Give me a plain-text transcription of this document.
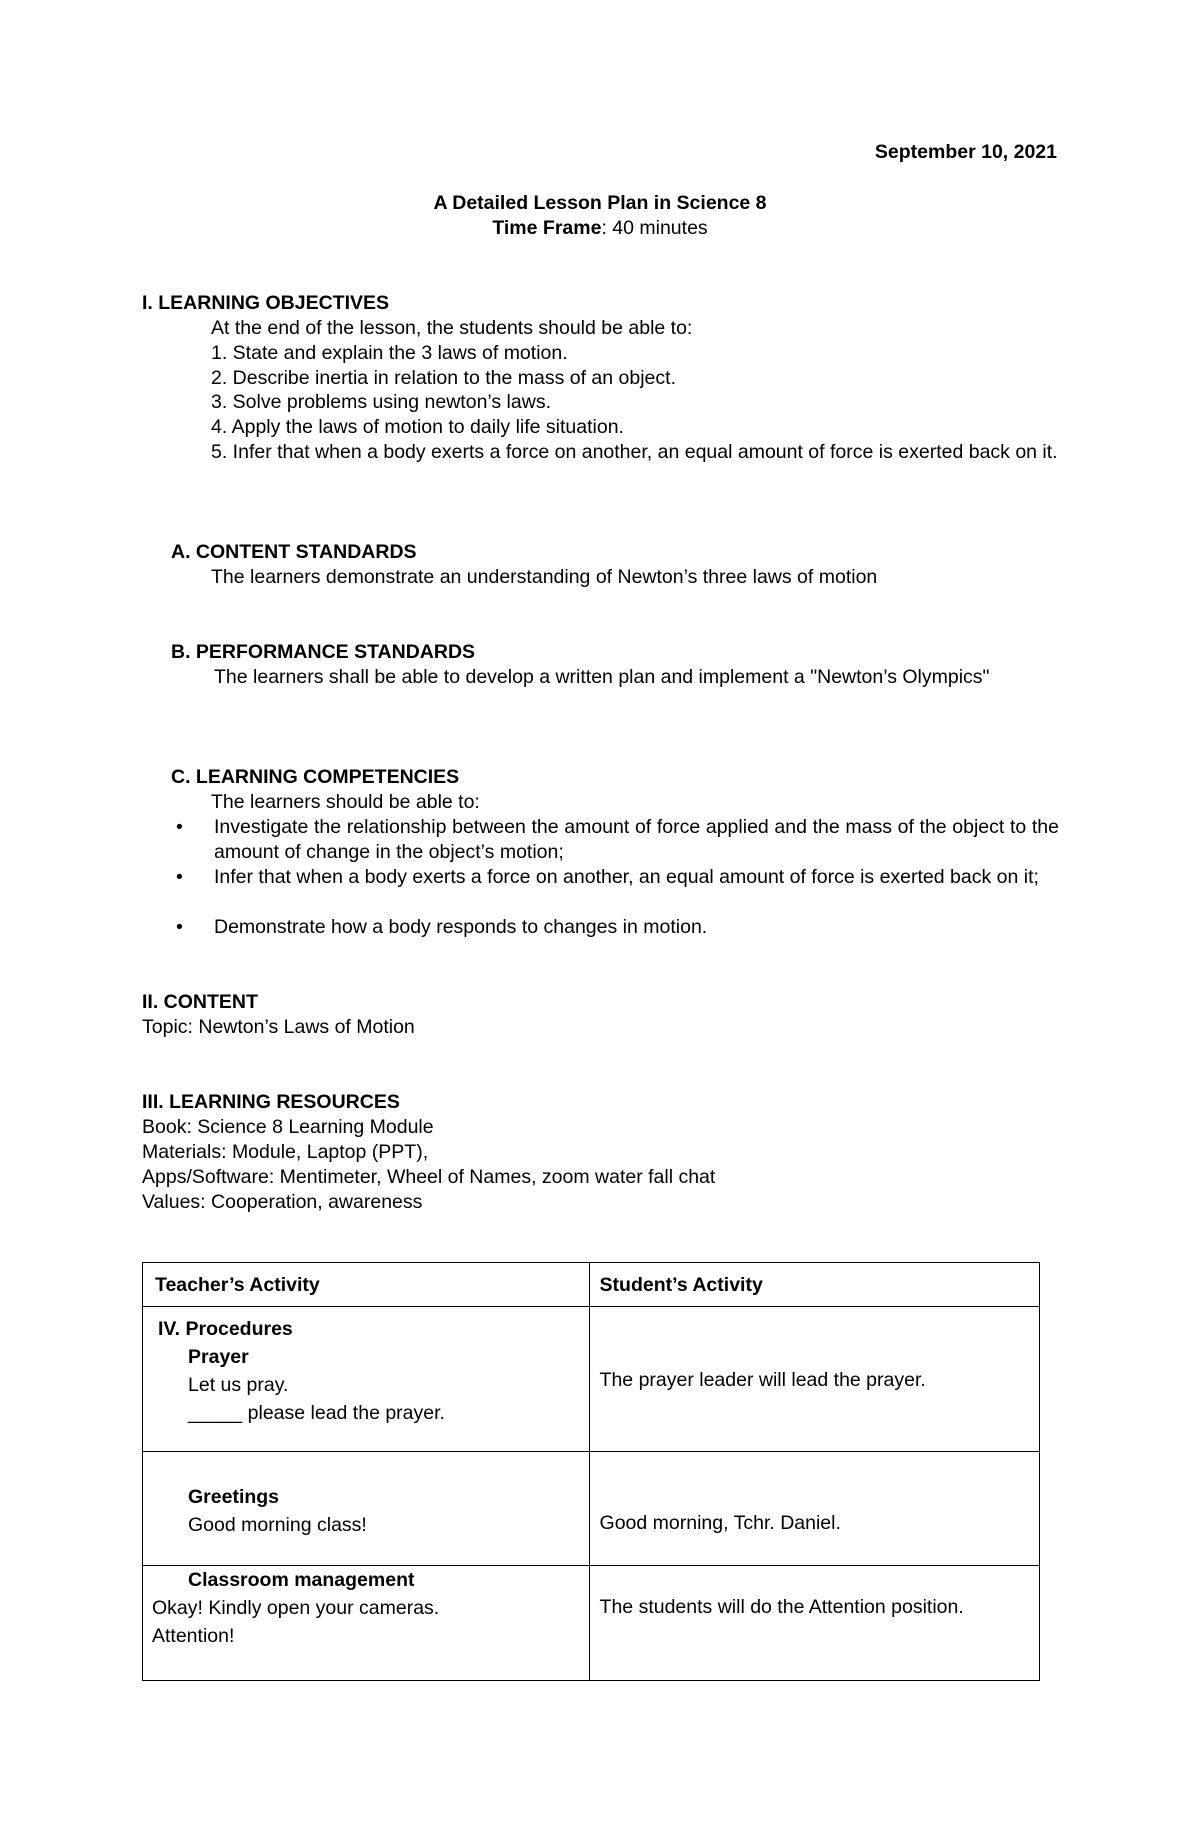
September 10, 2021
A Detailed Lesson Plan in Science 8
Time Frame: 40 minutes
I. LEARNING OBJECTIVES
At the end of the lesson, the students should be able to:
1. State and explain the 3 laws of motion.
2. Describe inertia in relation to the mass of an object.
3. Solve problems using newton’s laws.
4. Apply the laws of motion to daily life situation.
5. Infer that when a body exerts a force on another, an equal amount of force is exerted back on it.
A. CONTENT STANDARDS
The learners demonstrate an understanding of Newton’s three laws of motion
B. PERFORMANCE STANDARDS
The learners shall be able to develop a written plan and implement a "Newton’s Olympics"
C. LEARNING COMPETENCIES
The learners should be able to:
• Investigate the relationship between the amount of force applied and the mass of the object to the amount of change in the object’s motion;
• Infer that when a body exerts a force on another, an equal amount of force is exerted back on it;
• Demonstrate how a body responds to changes in motion.
II. CONTENT
Topic: Newton’s Laws of Motion
III. LEARNING RESOURCES
Book: Science 8 Learning Module
Materials: Module, Laptop (PPT),
Apps/Software: Mentimeter, Wheel of Names, zoom water fall chat
Values: Cooperation, awareness
Teacher’s Activity	Student’s Activity

IV. Procedures
Prayer
Let us pray.
_____ please lead the prayer.	The prayer leader will lead the prayer.

Greetings
Good morning class!	Good morning, Tchr. Daniel.

Classroom management
Okay! Kindly open your cameras.
Attention!	The students will do the Attention position.
